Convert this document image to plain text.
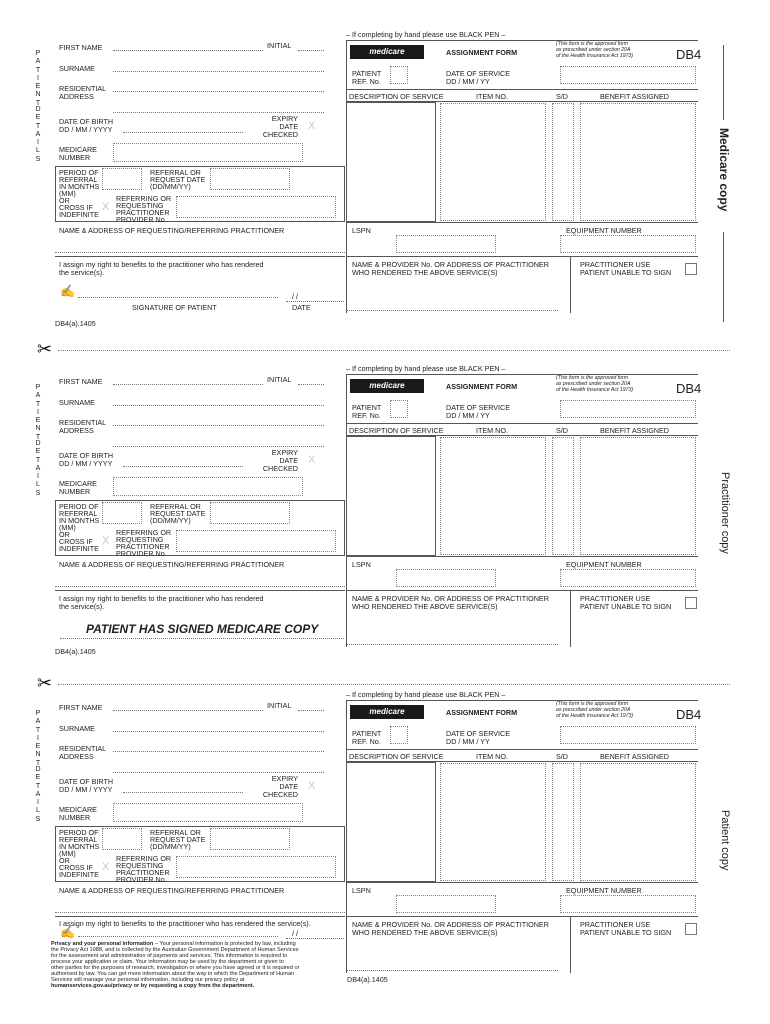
– If completing by hand please use BLACK PEN –
P
A
T
I
E
N
T
D
E
T
A
I
L
S
FIRST NAME	INITIAL
SURNAME
RESIDENTIAL
ADDRESS
DATE OF BIRTH
DD / MM / YYYY
EXPIRY
DATE
CHECKED
X
MEDICARE
NUMBER
PERIOD OF
REFERRAL
IN MONTHS
(MM)
OR
CROSS IF
INDEFINITE
X
REFERRAL OR
REQUEST DATE
(DD/MM/YY)
REFERRING OR
REQUESTING
PRACTITIONER
PROVIDER No.
NAME & ADDRESS OF REQUESTING/REFERRING PRACTITIONER
I assign my right to benefits to the practitioner who has rendered
the service(s).
✍	/ /
SIGNATURE OF PATIENT	DATE
DB4(a).1405
medicare	ASSIGNMENT FORM
(This form is the approved form
as prescribed under section 20A
of the Health Insurance Act 1973)	DB4
PATIENT
REF. No.
DATE OF SERVICE
DD / MM / YY
DESCRIPTION OF SERVICE	ITEM NO.	S/D	BENEFIT ASSIGNED
LSPN	EQUIPMENT NUMBER
NAME & PROVIDER No. OR ADDRESS OF PRACTITIONER
WHO RENDERED THE ABOVE SERVICE(S)
PRACTITIONER USE
PATIENT UNABLE TO SIGN
Medicare copy
✂
– If completing by hand please use BLACK PEN –
P
A
T
I
E
N
T
D
E
T
A
I
L
S
FIRST NAME	INITIAL
SURNAME
RESIDENTIAL
ADDRESS
DATE OF BIRTH
DD / MM / YYYY
EXPIRY
DATE
CHECKED
X
MEDICARE
NUMBER
PERIOD OF
REFERRAL
IN MONTHS
(MM)
OR
CROSS IF
INDEFINITE
X
REFERRAL OR
REQUEST DATE
(DD/MM/YY)
REFERRING OR
REQUESTING
PRACTITIONER
PROVIDER No.
NAME & ADDRESS OF REQUESTING/REFERRING PRACTITIONER
I assign my right to benefits to the practitioner who has rendered
the service(s).
PATIENT HAS SIGNED MEDICARE COPY
DB4(a).1405
medicare	ASSIGNMENT FORM
(This form is the approved form
as prescribed under section 20A
of the Health Insurance Act 1973)	DB4
PATIENT
REF. No.
DATE OF SERVICE
DD / MM / YY
DESCRIPTION OF SERVICE	ITEM NO.	S/D	BENEFIT ASSIGNED
LSPN	EQUIPMENT NUMBER
NAME & PROVIDER No. OR ADDRESS OF PRACTITIONER
WHO RENDERED THE ABOVE SERVICE(S)
PRACTITIONER USE
PATIENT UNABLE TO SIGN
Practitioner copy
✂
– If completing by hand please use BLACK PEN –
P
A
T
I
E
N
T
D
E
T
A
I
L
S
FIRST NAME	INITIAL
SURNAME
RESIDENTIAL
ADDRESS
DATE OF BIRTH
DD / MM / YYYY
EXPIRY
DATE
CHECKED
X
MEDICARE
NUMBER
PERIOD OF
REFERRAL
IN MONTHS
(MM)
OR
CROSS IF
INDEFINITE
X
REFERRAL OR
REQUEST DATE
(DD/MM/YY)
REFERRING OR
REQUESTING
PRACTITIONER
PROVIDER No.
NAME & ADDRESS OF REQUESTING/REFERRING PRACTITIONER
I assign my right to benefits to the practitioner who has rendered the service(s).
✍	/ /
Privacy and your personal information – Your personal information is protected by law, including
the Privacy Act 1988, and is collected by the Australian Government Department of Human Services
for the assessment and administration of payments and services. This information is required to
process your application or claim. Your information may be used by the department or given to
other parties for the purposes of research, investigation or where you have agreed or it is required or
authorised by law. You can get more information about the way in which the Department of Human
Services will manage your personal information, including our privacy policy at
humanservices.gov.au/privacy or by requesting a copy from the department.
medicare	ASSIGNMENT FORM
(This form is the approved form
as prescribed under section 20A
of the Health Insurance Act 1973)	DB4
PATIENT
REF. No.
DATE OF SERVICE
DD / MM / YY
DESCRIPTION OF SERVICE	ITEM NO.	S/D	BENEFIT ASSIGNED
LSPN	EQUIPMENT NUMBER
NAME & PROVIDER No. OR ADDRESS OF PRACTITIONER
WHO RENDERED THE ABOVE SERVICE(S)
PRACTITIONER USE
PATIENT UNABLE TO SIGN
DB4(a).1405
Patient copy
